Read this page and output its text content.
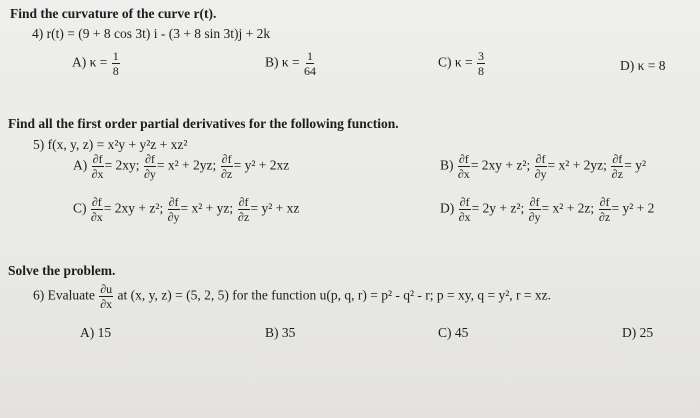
Find the curvature of the curve r(t).
4) r(t) = (9 + 8 cos 3t) i - (3 + 8 sin 3t)j + 2k
A) $\kappa = \frac{1}{8}$	B) $\kappa = \frac{1}{64}$	C) $\kappa = \frac{3}{8}$	D) κ = 8
Find all the first order partial derivatives for the following function.
5) f(x, y, z) = x²y + y²z + xz²
$A) \frac{\partial f}{\partial x} = 2xy$; $\frac{\partial f}{\partial y} = x^2 + 2yz$; $\frac{\partial f}{\partial z} = y^2 + 2xz$	$B) \frac{\partial f}{\partial x} = 2xy + z^2$; $\frac{\partial f}{\partial y} = x^2 + 2yz$; $\frac{\partial f}{\partial z} = y^2$
$C) \frac{\partial f}{\partial x} = 2xy + z^2$; $\frac{\partial f}{\partial y} = x^2$ + yz; $\frac{\partial f}{\partial z} = y^2$ + xz	$D) \frac{\partial f}{\partial x} = 2y + z^2$; $\frac{\partial f}{\partial y} = x^2 + 2z$; $\frac{\partial f}{\partial z} = y^2 + 2$
Solve the problem.
6) Evaluate $\frac{\partial u}{\partial x}$ at (x, y, z) = (5, 2, 5) for the function u(p, q, r) = p² - q² - r; p = xy, q = y², r = xz.
A) 15	B) 35	C) 45	D) 25
